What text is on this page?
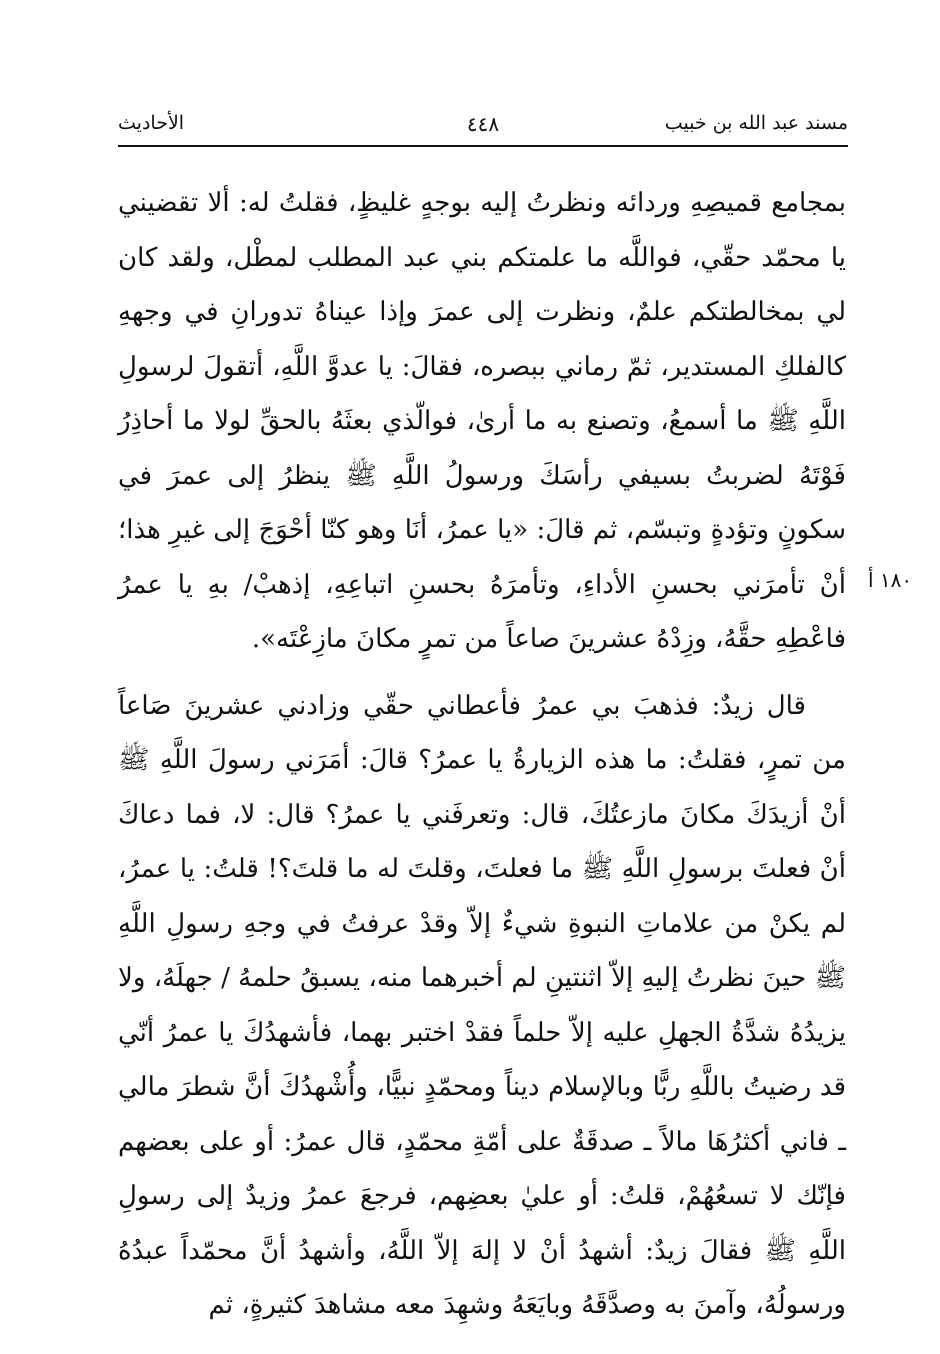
مسند عبد الله بن خبيب
٤٤٨
الأحاديث
١٨٠ أ

بمجامع قميصِهِ وردائه ونظرتُ إليه بوجهٍ غليظٍ، فقلتُ له: ألا تقضيني يا محمّد حقّي، فواللَّه ما علمتكم بني عبد المطلب لمطْل، ولقد كان لي بمخالطتكم علمٌ، ونظرت إلى عمرَ وإذا عيناهُ تدورانِ في وجههِ كالفلكِ المستدير، ثمّ رماني ببصره، فقالَ: يا عدوَّ اللَّهِ، أتقولَ لرسولِ اللَّهِ ﷺ ما أسمعُ، وتصنع به ما أرىٰ، فوالّذي بعثَهُ بالحقِّ لولا ما أحاذِرُ فَوْتَهُ لضربتُ بسيفي رأسَكَ ورسولُ اللَّهِ ﷺ ينظرُ إلى عمرَ في سكونٍ وتؤدةٍ وتبسّم، ثم قالَ: «يا عمرُ، أنَا وهو كنّا أحْوَجَ إلى غيرِ هذا؛ أنْ تأمرَني بحسنِ الأداءِ، وتأمرَهُ بحسنِ اتباعِهِ، إذهبْ/ بهِ يا عمرُ فاعْطِهِ حقَّهُ، وزِدْهُ عشرينَ صاعاً من تمرٍ مكانَ مازِعْتَه».

قال زيدٌ: فذهبَ بي عمرُ فأعطاني حقّي وزادني عشرينَ صَاعاً من تمرٍ، فقلتُ: ما هذه الزيارةُ يا عمرُ؟ قالَ: أمَرَني رسولَ اللَّهِ ﷺ أنْ أزيدَكَ مكانَ مازعتُكَ، قال: وتعرفَني يا عمرُ؟ قال: لا، فما دعاكَ أنْ فعلتَ برسولِ اللَّهِ ﷺ ما فعلتَ، وقلتَ له ما قلتَ؟! قلتُ: يا عمرُ، لم يكنْ من علاماتِ النبوةِ شيءٌ إلاّ وقدْ عرفتُ في وجهِ رسولِ اللَّهِ ﷺ حينَ نظرتُ إليهِ إلاّ اثنتينِ لم أخبرهما منه، يسبقُ حلمهُ / جهلَهُ، ولا يزيدُهُ شدَّةُ الجهلِ عليه إلاّ حلماً فقدْ اختبر بهما، فأشهدُكَ يا عمرُ أنّي قد رضيتُ باللَّهِ ربًّا وبالإسلام ديناً ومحمّدٍ نبيًّا، وأُشْهدُكَ أنَّ شطرَ مالي ـ فاني أكثرُهَا مالاً ـ صدقَةٌ على أمّةِ محمّدٍ، قال عمرُ: أو على بعضهم فإنّك لا تسعُهُمْ، قلتُ: أو عليٰ بعضِهم، فرجعَ عمرُ وزيدٌ إلى رسولِ اللَّهِ ﷺ فقالَ زيدٌ: أشهدُ أنْ لا إلهَ إلاّ اللَّهُ، وأشهدُ أنَّ محمّداً عبدُهُ ورسولُهُ، وآمنَ به وصدَّقَهُ وبايَعَهُ وشهِدَ معه مشاهدَ كثيرةٍ، ثم
